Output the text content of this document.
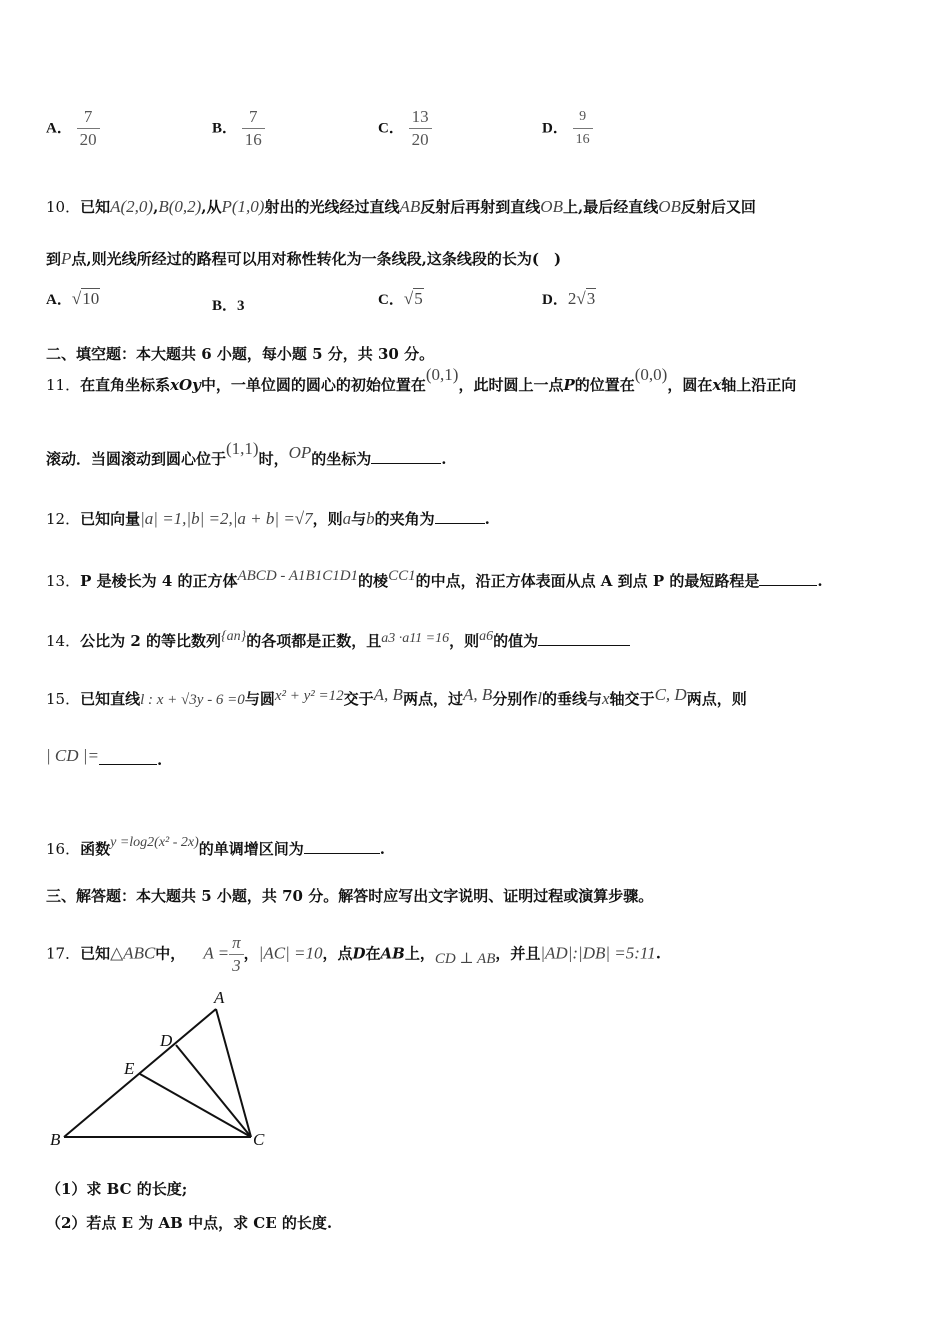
A． $\frac{7}{20}$	B． $\frac{7}{16}$	C． $\frac{13}{20}$	D． $\frac{9}{16}$
10．已知A(2,0),B(0,2),从P(1,0)射出的光线经过直线AB反射后再射到直线OB上,最后经直线OB反射后又回
到P点,则光线所经过的路程可以用对称性转化为一条线段,这条线段的长为(　)
A．√10	B．3	C．√5	D．2√3
二、填空题：本大题共 6 小题，每小题 5 分，共 30 分。
11．在直角坐标系xOy中，一单位圆的圆心的初始位置在(0,1)，此时圆上一点P的位置在(0,0)，圆在x轴上沿正向
滚动．当圆滚动到圆心位于(1,1)时，OP的坐标为	.
12．已知向量|a| =1,|b| =2,|a + b| =√7，则a与b的夹角为	.
13．P 是棱长为 4 的正方体ABCD - A1B1C1D1的棱CC1的中点，沿正方体表面从点 A 到点 P 的最短路程是	.
14．公比为 2 的等比数列{an}的各项都是正数，且a3 ·a11 =16，则a6的值为
15．已知直线l : x + √3y - 6 =0与圆x² + y² =12交于A, B两点，过A, B分别作l的垂线与x轴交于C, D两点，则
| CD |=	.
16．函数y =log2(x² - 2x)的单调增区间为	.
三、解答题：本大题共 5 小题，共 70 分。解答时应写出文字说明、证明过程或演算步骤。
17．已知△ABC中， $A = \frac{\pi}{3}$ ，|AC| =10，点D在AB上，CD ⊥ AB，并且|AD|:|DB| =5:11.
A
B	C
D
E
（1）求 BC 的长度;
（2）若点 E 为 AB 中点，求 CE 的长度.
